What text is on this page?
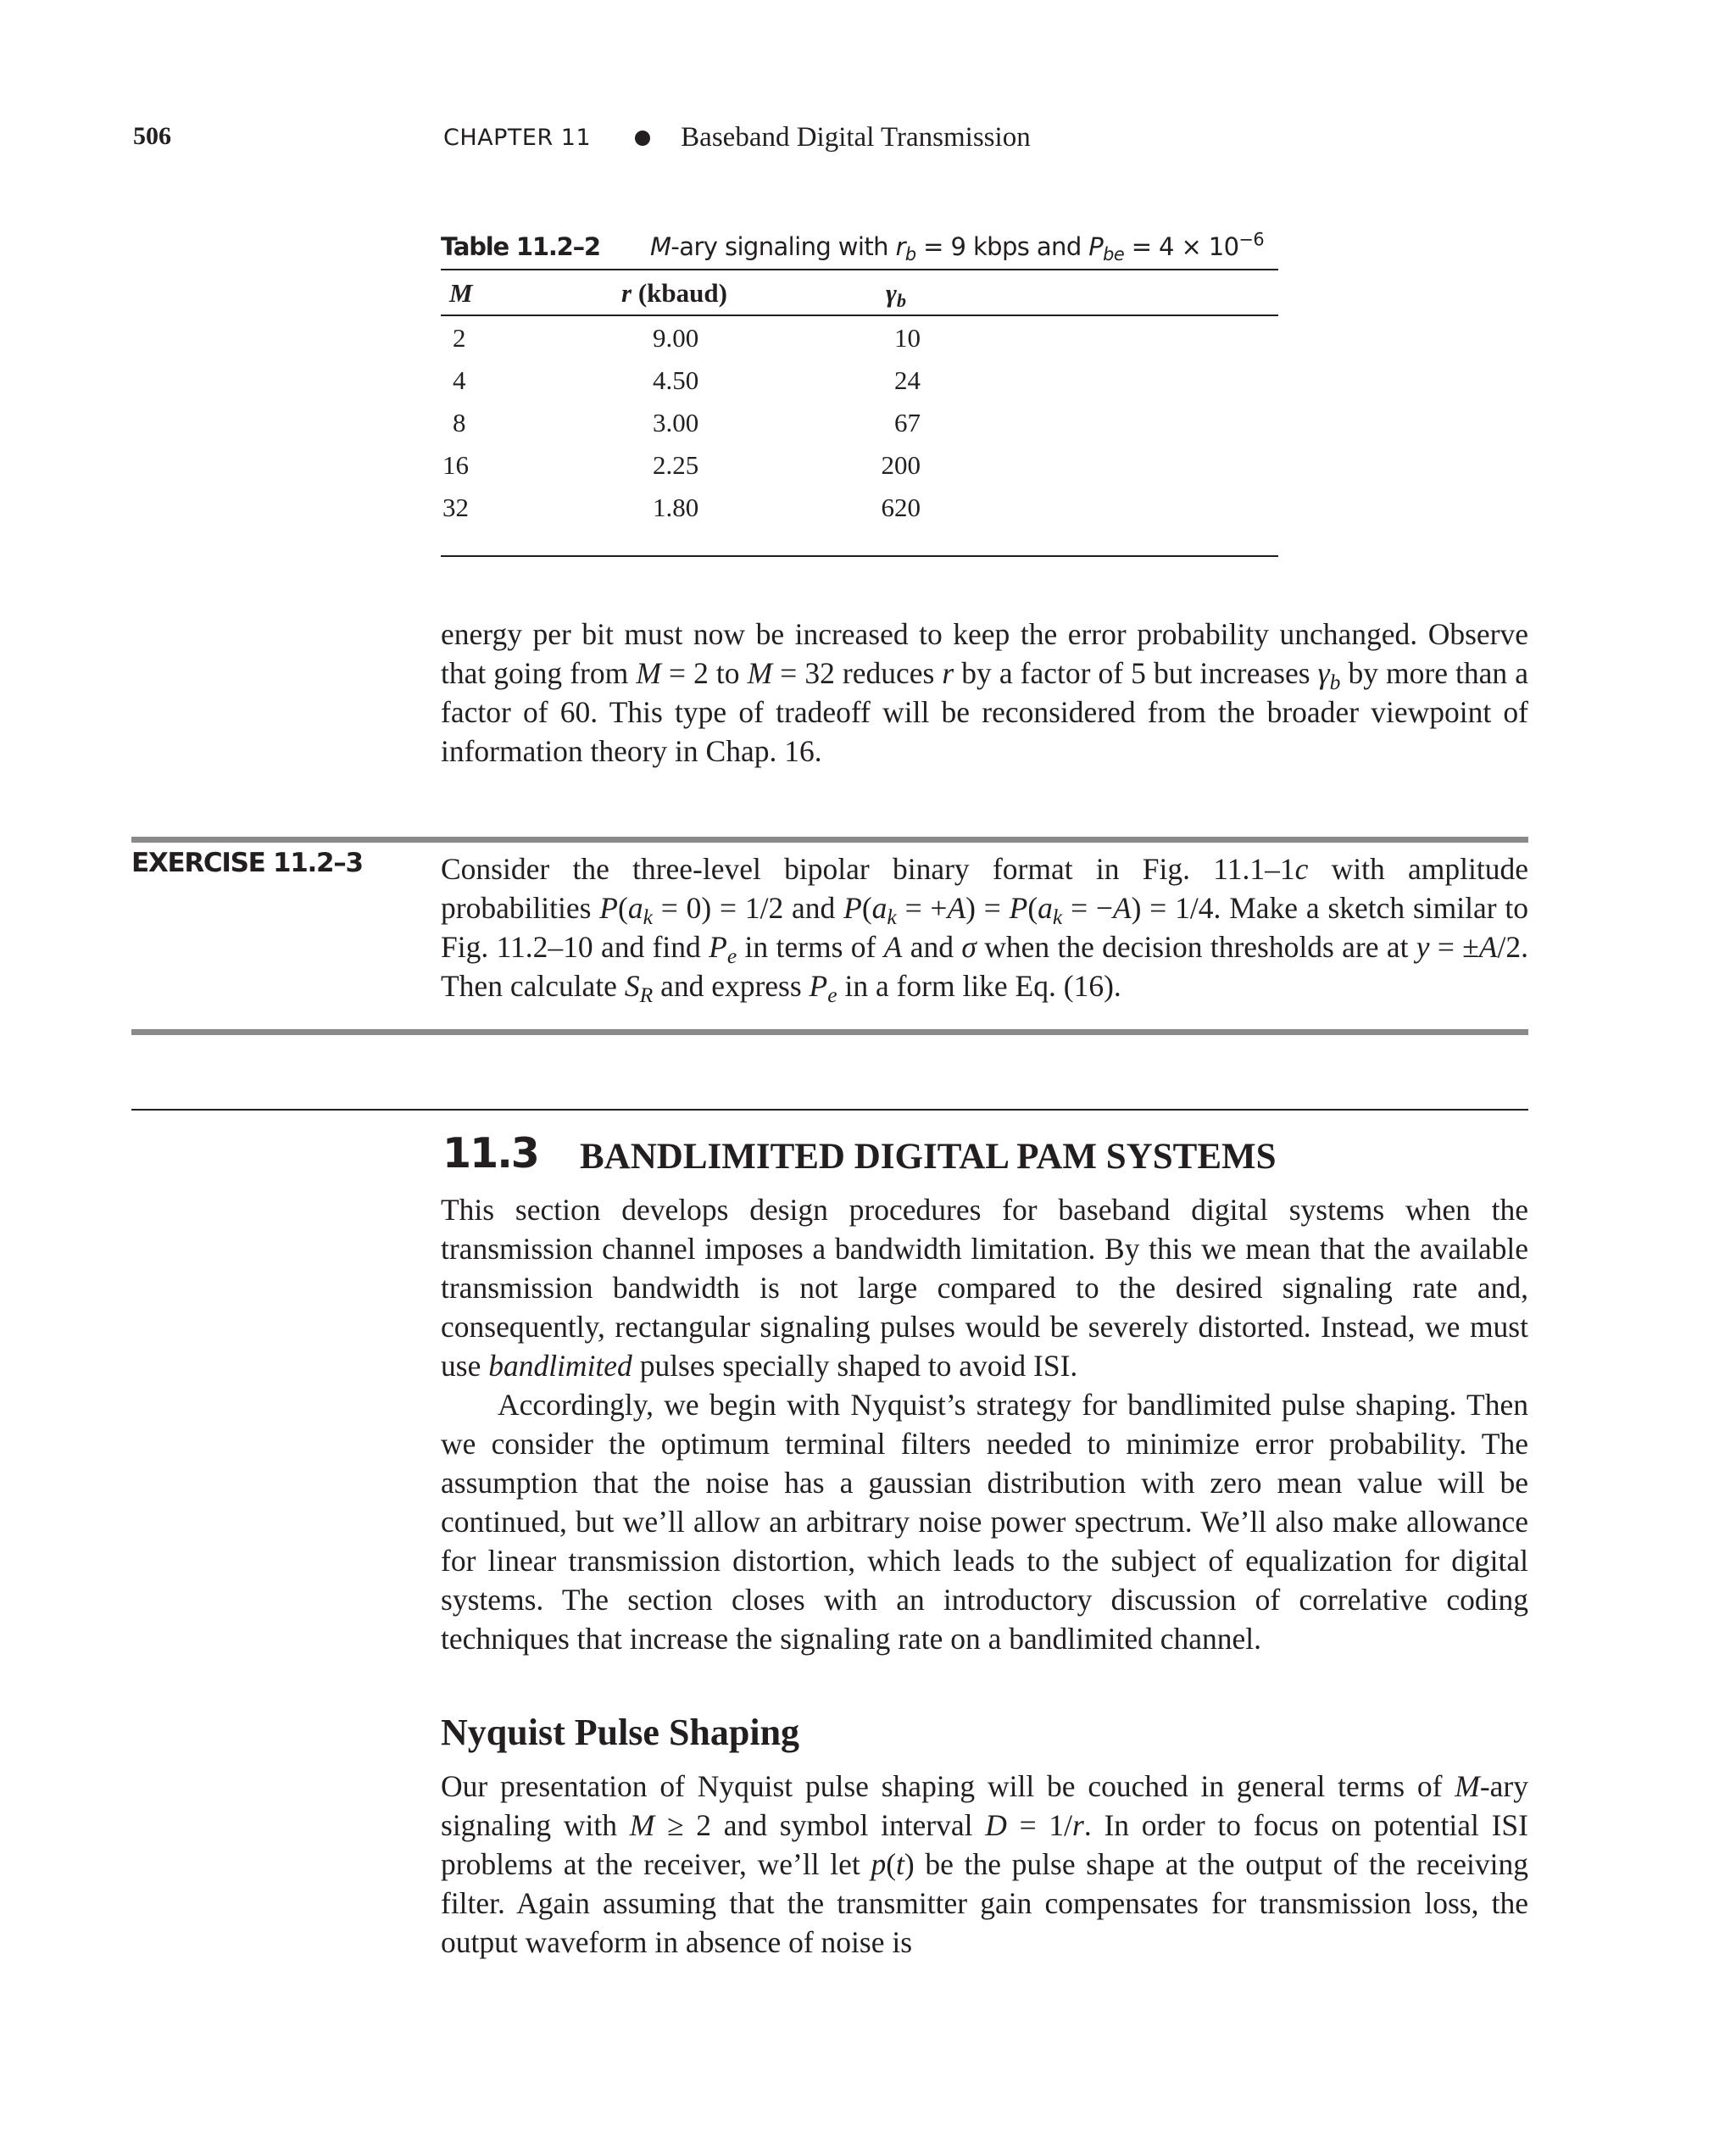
506	CHAPTER 11	Baseband Digital Transmission
Table 11.2–2 M-ary signaling with $r_b = 9$ kbps and $P_{be} = 4 \times 10^{-6}$
M	r (kbaud)	$\gamma_b$
2	9.00	10
4	4.50	24
8	3.00	67
16	2.25	200
32	1.80	620
energy per bit must now be increased to keep the error probability unchanged. Observe that going from M = 2 to M = 32 reduces r by a factor of 5 but increases $\gamma_b$ by more than a factor of 60. This type of tradeoff will be reconsidered from the broader viewpoint of information theory in Chap. 16.
EXERCISE 11.2–3	Consider the three-level bipolar binary format in Fig. 11.1–1c with amplitude probabilities $P(a_k = 0) = 1/2$ and $P(a_k = +A) = P(a_k = -A) = 1/4$. Make a sketch similar to Fig. 11.2–10 and find $P_e$ in terms of A and σ when the decision thresholds are at y = ±A/2. Then calculate $S_R$ and express $P_e$ in a form like Eq. (16).
11.3 BANDLIMITED DIGITAL PAM SYSTEMS
This section develops design procedures for baseband digital systems when the transmission channel imposes a bandwidth limitation. By this we mean that the available transmission bandwidth is not large compared to the desired signaling rate and, consequently, rectangular signaling pulses would be severely distorted. Instead, we must use bandlimited pulses specially shaped to avoid ISI.
Accordingly, we begin with Nyquist’s strategy for bandlimited pulse shaping. Then we consider the optimum terminal filters needed to minimize error probability. The assumption that the noise has a gaussian distribution with zero mean value will be continued, but we’ll allow an arbitrary noise power spectrum. We’ll also make allowance for linear transmission distortion, which leads to the subject of equalization for digital systems. The section closes with an introductory discussion of correlative coding techniques that increase the signaling rate on a bandlimited channel.
Nyquist Pulse Shaping
Our presentation of Nyquist pulse shaping will be couched in general terms of M-ary signaling with M ≥ 2 and symbol interval D = 1/r. In order to focus on potential ISI problems at the receiver, we’ll let p(t) be the pulse shape at the output of the receiving filter. Again assuming that the transmitter gain compensates for transmission loss, the output waveform in absence of noise is
